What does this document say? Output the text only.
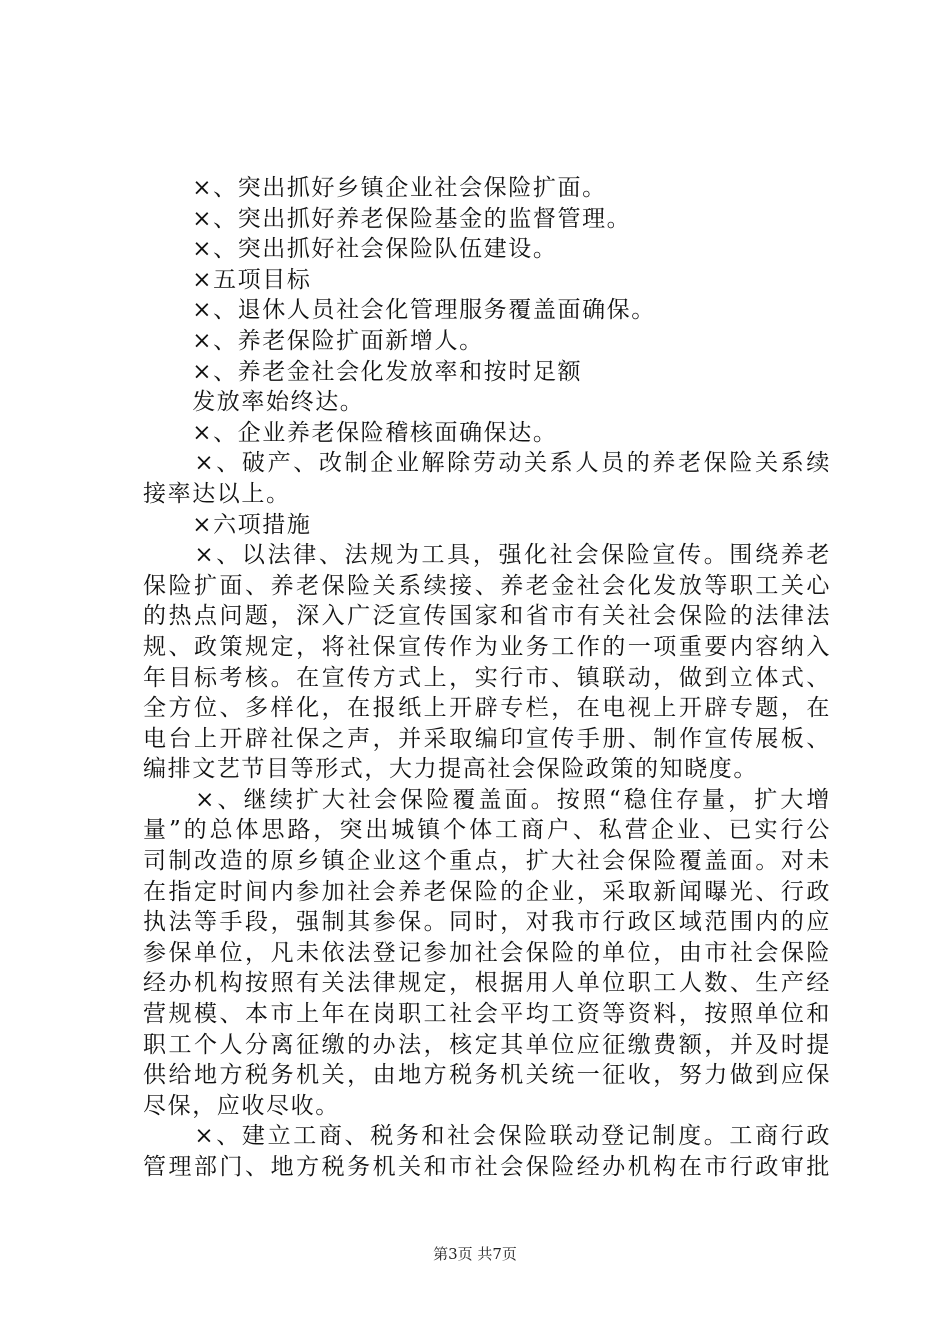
　　×、突出抓好乡镇企业社会保险扩面。
　　×、突出抓好养老保险基金的监督管理。
　　×、突出抓好社会保险队伍建设。
　　×五项目标
　　×、退休人员社会化管理服务覆盖面确保。
　　×、养老保险扩面新增人。
　　×、养老金社会化发放率和按时足额
　　发放率始终达。
　　×、企业养老保险稽核面确保达。
　　×、破产、改制企业解除劳动关系人员的养老保险关系续
接率达以上。
　　×六项措施
　　×、以法律、法规为工具，强化社会保险宣传。围绕养老
保险扩面、养老保险关系续接、养老金社会化发放等职工关心
的热点问题，深入广泛宣传国家和省市有关社会保险的法律法
规、政策规定，将社保宣传作为业务工作的一项重要内容纳入
年目标考核。在宣传方式上，实行市、镇联动，做到立体式、
全方位、多样化，在报纸上开辟专栏，在电视上开辟专题，在
电台上开辟社保之声，并采取编印宣传手册、制作宣传展板、
编排文艺节目等形式，大力提高社会保险政策的知晓度。
　　×、继续扩大社会保险覆盖面。按照“稳住存量，扩大增
量”的总体思路，突出城镇个体工商户、私营企业、已实行公
司制改造的原乡镇企业这个重点，扩大社会保险覆盖面。对未
在指定时间内参加社会养老保险的企业，采取新闻曝光、行政
执法等手段，强制其参保。同时，对我市行政区域范围内的应
参保单位，凡未依法登记参加社会保险的单位，由市社会保险
经办机构按照有关法律规定，根据用人单位职工人数、生产经
营规模、本市上年在岗职工社会平均工资等资料，按照单位和
职工个人分离征缴的办法，核定其单位应征缴费额，并及时提
供给地方税务机关，由地方税务机关统一征收，努力做到应保
尽保，应收尽收。
　　×、建立工商、税务和社会保险联动登记制度。工商行政
管理部门、地方税务机关和市社会保险经办机构在市行政审批
第3页 共7页
